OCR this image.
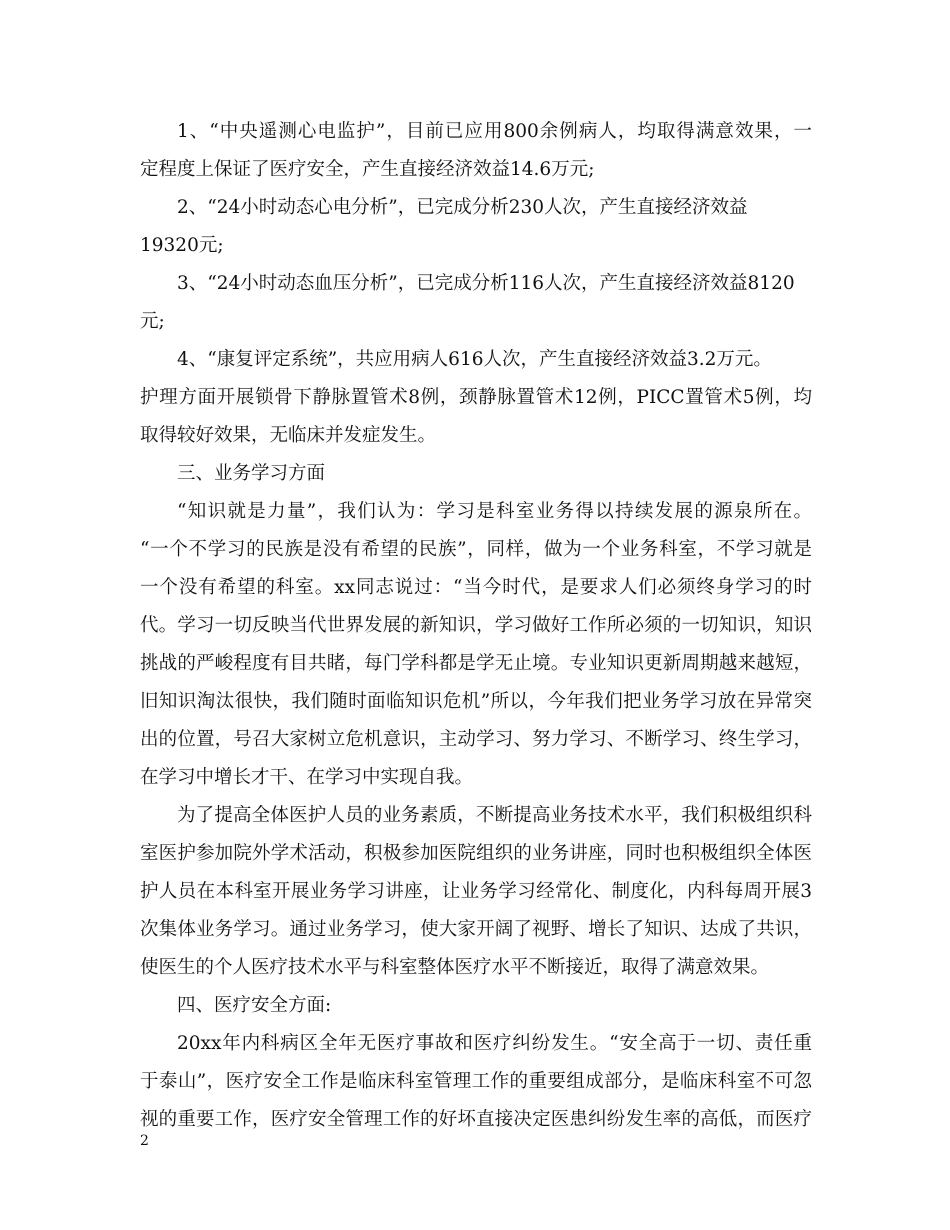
1、“中央遥测心电监护”，目前已应用800余例病人，均取得满意效果，一
定程度上保证了医疗安全，产生直接经济效益14.6万元;
2、“24小时动态心电分析”，已完成分析230人次，产生直接经济效益
19320元;
3、“24小时动态血压分析”，已完成分析116人次，产生直接经济效益8120
元;
4、“康复评定系统”，共应用病人616人次，产生直接经济效益3.2万元。
护理方面开展锁骨下静脉置管术8例，颈静脉置管术12例，PICC置管术5例，均
取得较好效果，无临床并发症发生。
三、业务学习方面
“知识就是力量”，我们认为：学习是科室业务得以持续发展的源泉所在。
“一个不学习的民族是没有希望的民族”，同样，做为一个业务科室，不学习就是
一个没有希望的科室。xx同志说过：“当今时代，是要求人们必须终身学习的时
代。学习一切反映当代世界发展的新知识，学习做好工作所必须的一切知识，知识
挑战的严峻程度有目共睹，每门学科都是学无止境。专业知识更新周期越来越短，
旧知识淘汰很快，我们随时面临知识危机”所以，今年我们把业务学习放在异常突
出的位置，号召大家树立危机意识，主动学习、努力学习、不断学习、终生学习，
在学习中增长才干、在学习中实现自我。
为了提高全体医护人员的业务素质，不断提高业务技术水平，我们积极组织科
室医护参加院外学术活动，积极参加医院组织的业务讲座，同时也积极组织全体医
护人员在本科室开展业务学习讲座，让业务学习经常化、制度化，内科每周开展3
次集体业务学习。通过业务学习，使大家开阔了视野、增长了知识、达成了共识，
使医生的个人医疗技术水平与科室整体医疗水平不断接近，取得了满意效果。
四、医疗安全方面:
20xx年内科病区全年无医疗事故和医疗纠纷发生。“安全高于一切、责任重
于泰山”，医疗安全工作是临床科室管理工作的重要组成部分，是临床科室不可忽
视的重要工作，医疗安全管理工作的好坏直接决定医患纠纷发生率的高低，而医疗
2
